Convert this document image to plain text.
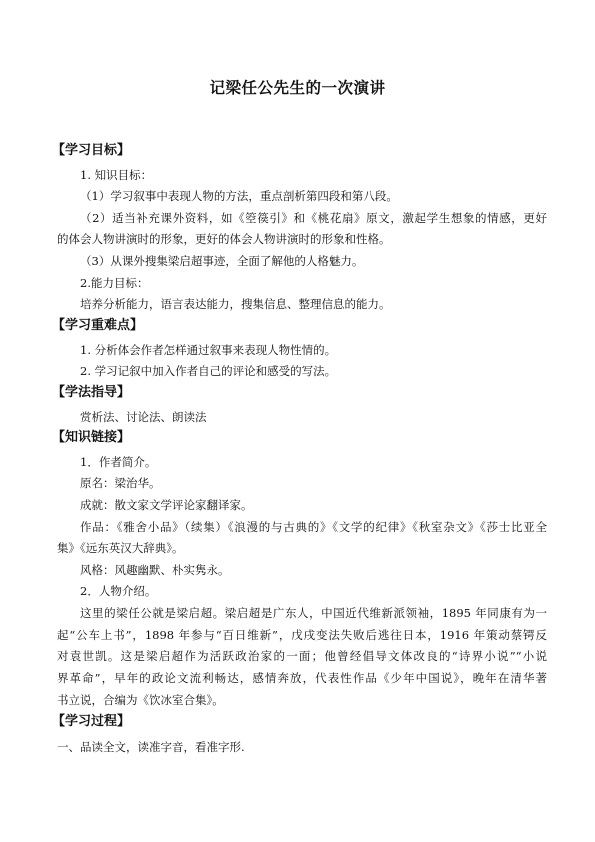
记梁任公先生的一次演讲
【学习目标】
1. 知识目标：
（1）学习叙事中表现人物的方法，重点剖析第四段和第八段。
（2）适当补充课外资料，如《箜篌引》和《桃花扇》原文，激起学生想象的情感，更好
的体会人物讲演时的形象，更好的体会人物讲演时的形象和性格。
（3）从课外搜集梁启超事迹，全面了解他的人格魅力。
2.能力目标：
培养分析能力，语言表达能力，搜集信息、整理信息的能力。
【学习重难点】
1. 分析体会作者怎样通过叙事来表现人物性情的。
2. 学习记叙中加入作者自己的评论和感受的写法。
【学法指导】
赏析法、讨论法、朗读法
【知识链接】
1．作者简介。
原名：梁治华。
成就：散文家文学评论家翻译家。
作品：《雅舍小品》（续集）《浪漫的与古典的》《文学的纪律》《秋室杂文》《莎士比亚全
集》《远东英汉大辞典》。
风格：风趣幽默、朴实隽永。
2．人物介绍。
这里的梁任公就是梁启超。梁启超是广东人，中国近代维新派领袖，1895 年同康有为一
起“公车上书”，1898 年参与“百日维新”，戊戌变法失败后逃往日本，1916 年策动蔡锷反
对袁世凯。这是梁启超作为活跃政治家的一面；他曾经倡导文体改良的“诗界小说”“小说
界革命”，早年的政论文流利畅达，感情奔放，代表性作品《少年中国说》，晚年在清华著
书立说，合编为《饮冰室合集》。
【学习过程】
一、品读全文，读准字音，看准字形.
